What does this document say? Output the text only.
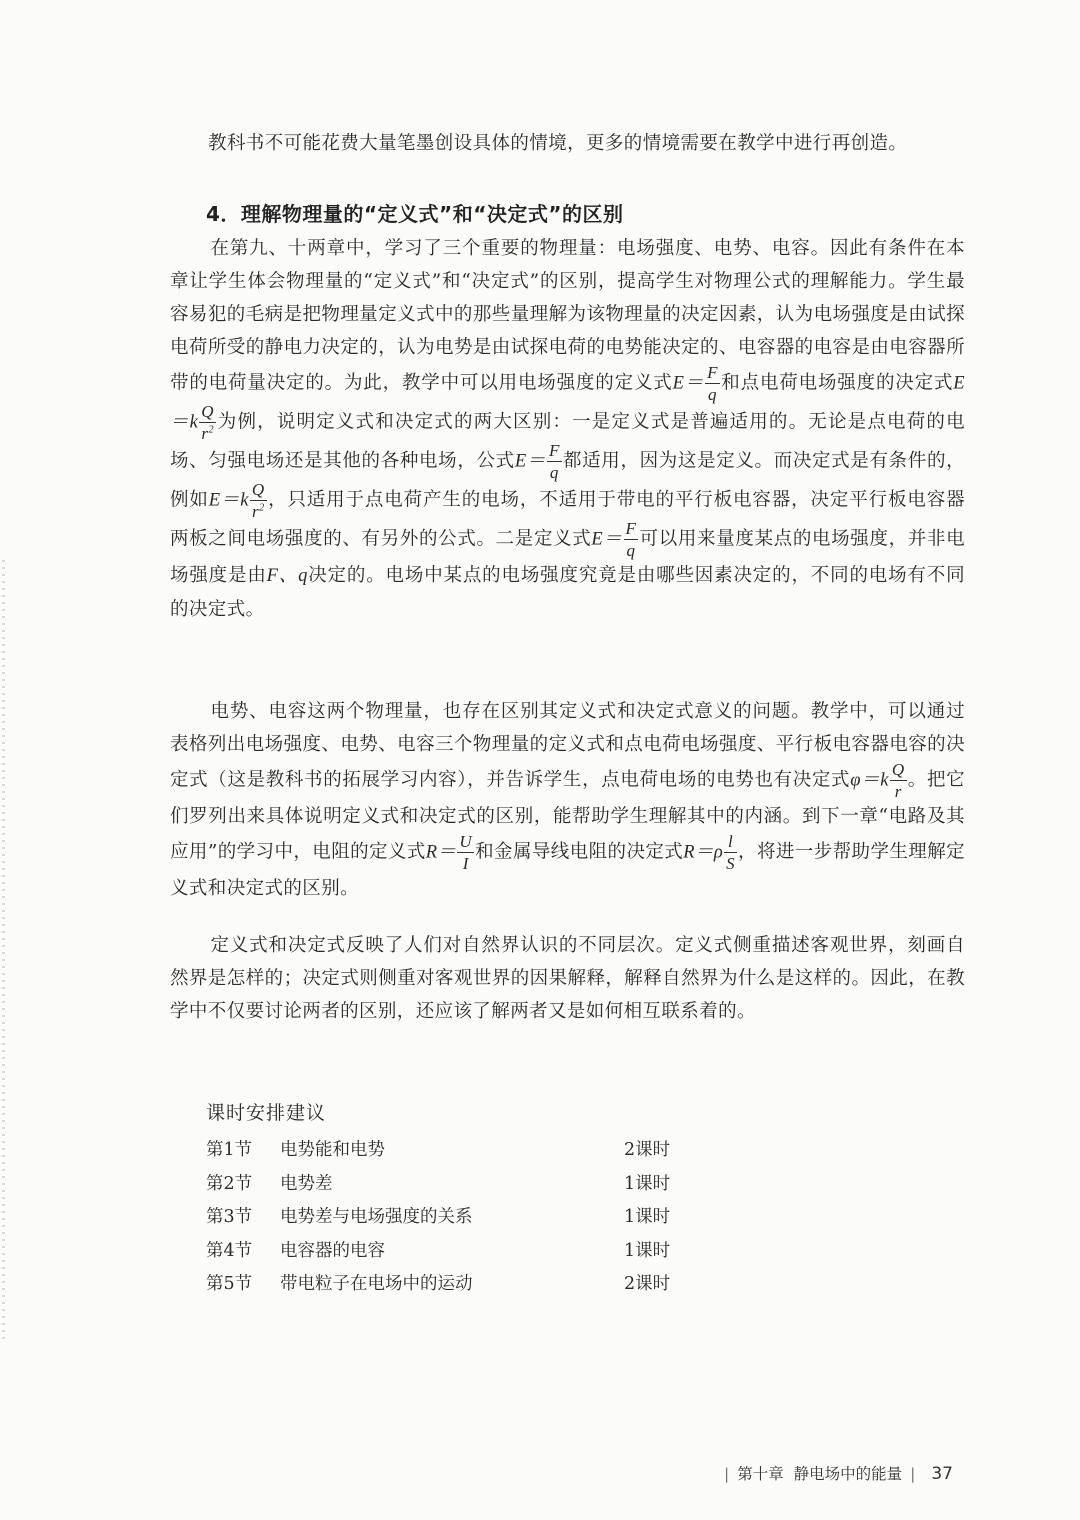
教科书不可能花费大量笔墨创设具体的情境，更多的情境需要在教学中进行再创造。

4．理解物理量的“定义式”和“决定式”的区别

在第九、十两章中，学习了三个重要的物理量：电场强度、电势、电容。因此有条件在本章让学生体会物理量的“定义式”和“决定式”的区别，提高学生对物理公式的理解能力。学生最容易犯的毛病是把物理量定义式中的那些量理解为该物理量的决定因素，认为电场强度是由试探电荷所受的静电力决定的，认为电势是由试探电荷的电势能决定的、电容器的电容是由电容器所带的电荷量决定的。为此，教学中可以用电场强度的定义式$E= \frac{F}{q}$ 和点电荷电场强度的决定式$E=k \frac{Q}{r^2}$ 为例，说明定义式和决定式的两大区别：一是定义式是普遍适用的。无论是点电荷的电场、匀强电场还是其他的各种电场，公式$E= \frac{F}{q}$ 都适用，因为这是定义。而决定式是有条件的，例如$E=k \frac{Q}{r^2}$ ，只适用于点电荷产生的电场，不适用于带电的平行板电容器，决定平行板电容器两板之间电场强度的、有另外的公式。二是定义式$E= \frac{F}{q}$ 可以用来量度某点的电场强度，并非电场强度是由F、q决定的。电场中某点的电场强度究竟是由哪些因素决定的，不同的电场有不同的决定式。

电势、电容这两个物理量，也存在区别其定义式和决定式意义的问题。教学中，可以通过表格列出电场强度、电势、电容三个物理量的定义式和点电荷电场强度、平行板电容器电容的决定式（这是教科书的拓展学习内容），并告诉学生，点电荷电场的电势也有决定式$\varphi=k \frac{Q}{r}$ 。把它们罗列出来具体说明定义式和决定式的区别，能帮助学生理解其中的内涵。到下一章“电路及其应用”的学习中，电阻的定义式$R= \frac{U}{I}$ 和金属导线电阻的决定式$R=\rho \frac{l}{S}$ ，将进一步帮助学生理解定义式和决定式的区别。

定义式和决定式反映了人们对自然界认识的不同层次。定义式侧重描述客观世界，刻画自然界是怎样的；决定式则侧重对客观世界的因果解释，解释自然界为什么是这样的。因此，在教学中不仅要讨论两者的区别，还应该了解两者又是如何相互联系着的。

课时安排建议
第1节 电势能和电势	2课时
第2节 电势差	1课时
第3节 电势差与电场强度的关系	1课时
第4节 电容器的电容	1课时
第5节 带电粒子在电场中的运动	2课时
| 第十章 静电场中的能量 | 37
